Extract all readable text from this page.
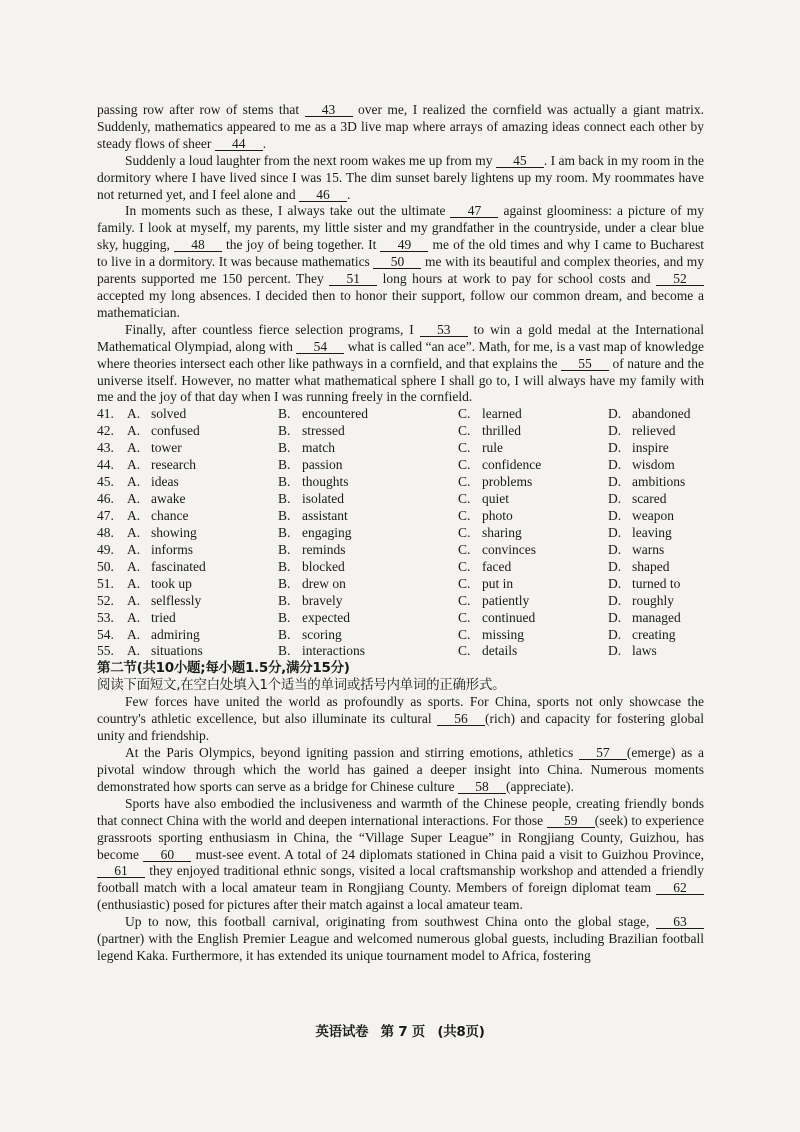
passing row after row of stems that 43 over me, I realized the cornfield was actually a giant matrix. Suddenly, mathematics appeared to me as a 3D live map where arrays of amazing ideas connect each other by steady flows of sheer 44 .

Suddenly a loud laughter from the next room wakes me up from my 45 . I am back in my room in the dormitory where I have lived since I was 15. The dim sunset barely lightens up my room. My roommates have not returned yet, and I feel alone and 46 .

In moments such as these, I always take out the ultimate 47 against gloominess: a picture of my family. I look at myself, my parents, my little sister and my grandfather in the countryside, under a clear blue sky, hugging, 48 the joy of being together. It 49 me of the old times and why I came to Bucharest to live in a dormitory. It was because mathematics 50 me with its beautiful and complex theories, and my parents supported me 150 percent. They 51 long hours at work to pay for school costs and 52 accepted my long absences. I decided then to honor their support, follow our common dream, and become a mathematician.

Finally, after countless fierce selection programs, I 53 to win a gold medal at the International Mathematical Olympiad, along with 54 what is called “an ace”. Math, for me, is a vast map of knowledge where theories intersect each other like pathways in a cornfield, and that explains the 55 of nature and the universe itself. However, no matter what mathematical sphere I shall go to, I will always have my family with me and the joy of that day when I was running freely in the cornfield.

41. A. solved	B. encountered	C. learned	D. abandoned
42. A. confused	B. stressed	C. thrilled	D. relieved
43. A. tower	B. match	C. rule	D. inspire
44. A. research	B. passion	C. confidence	D. wisdom
45. A. ideas	B. thoughts	C. problems	D. ambitions
46. A. awake	B. isolated	C. quiet	D. scared
47. A. chance	B. assistant	C. photo	D. weapon
48. A. showing	B. engaging	C. sharing	D. leaving
49. A. informs	B. reminds	C. convinces	D. warns
50. A. fascinated	B. blocked	C. faced	D. shaped
51. A. took up	B. drew on	C. put in	D. turned to
52. A. selflessly	B. bravely	C. patiently	D. roughly
53. A. tried	B. expected	C. continued	D. managed
54. A. admiring	B. scoring	C. missing	D. creating
55. A. situations	B. interactions	C. details	D. laws

第二节(共10小题;每小题1.5分,满分15分)

阅读下面短文,在空白处填入1个适当的单词或括号内单词的正确形式。

Few forces have united the world as profoundly as sports. For China, sports not only showcase the country's athletic excellence, but also illuminate its cultural 56 (rich) and capacity for fostering global unity and friendship.

At the Paris Olympics, beyond igniting passion and stirring emotions, athletics 57 (emerge) as a pivotal window through which the world has gained a deeper insight into China. Numerous moments demonstrated how sports can serve as a bridge for Chinese culture 58 (appreciate).

Sports have also embodied the inclusiveness and warmth of the Chinese people, creating friendly bonds that connect China with the world and deepen international interactions. For those 59 (seek) to experience grassroots sporting enthusiasm in China, the “Village Super League” in Rongjiang County, Guizhou, has become 60 must-see event. A total of 24 diplomats stationed in China paid a visit to Guizhou Province, 61 they enjoyed traditional ethnic songs, visited a local craftsmanship workshop and attended a friendly football match with a local amateur team in Rongjiang County. Members of foreign diplomat team 62(enthusiastic) posed for pictures after their match against a local amateur team.

Up to now, this football carnival, originating from southwest China onto the global stage, 63(partner) with the English Premier League and welcomed numerous global guests, including Brazilian football legend Kaka. Furthermore, it has extended its unique tournament model to Africa, fostering

英语试卷 第 7 页 (共8页)
